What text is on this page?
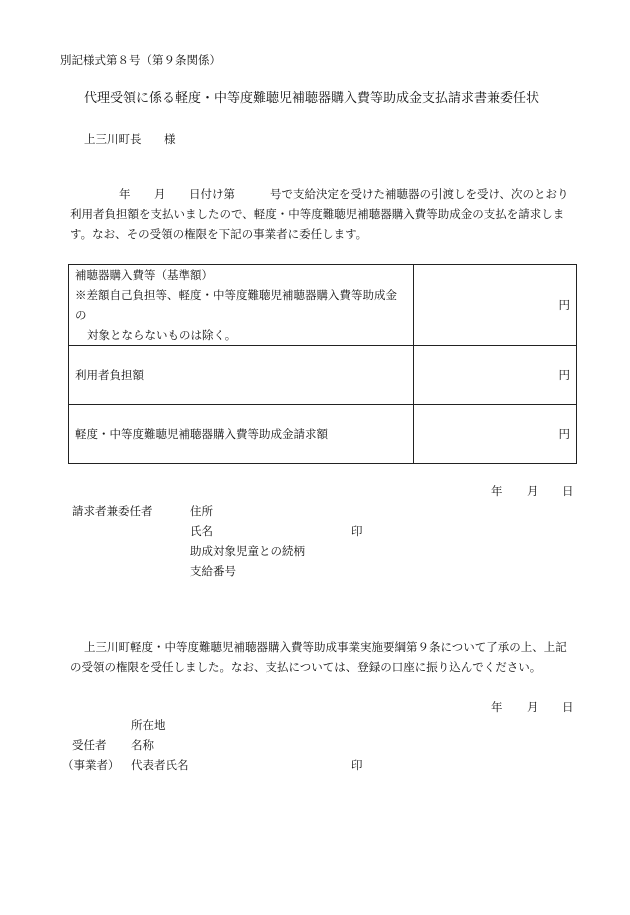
別記様式第８号（第９条関係）
代理受領に係る軽度・中等度難聴児補聴器購入費等助成金支払請求書兼委任状
上三川町長 様
年 月 日付け第	号で支給決定を受けた補聴器の引渡しを受け、次のとおり
利用者負担額を支払いましたので、軽度・中等度難聴児補聴器購入費等助成金の支払を請求しま
す。なお、その受領の権限を下記の事業者に委任します。
補聴器購入費等（基準額）
※差額自己負担等、軽度・中等度難聴児補聴器購入費等助成金の
対象とならないものは除く。	円
利用者負担額	円
軽度・中等度難聴児補聴器購入費等助成金請求額	円
年 月 日
請求者兼委任者	住所
氏名	印
助成対象児童との続柄
支給番号
上三川町軽度・中等度難聴児補聴器購入費等助成事業実施要綱第９条について了承の上、上記
の受領の権限を受任しました。なお、支払については、登録の口座に振り込んでください。
年 月 日
所在地
受任者 名称
（事業者） 代表者氏名	印
